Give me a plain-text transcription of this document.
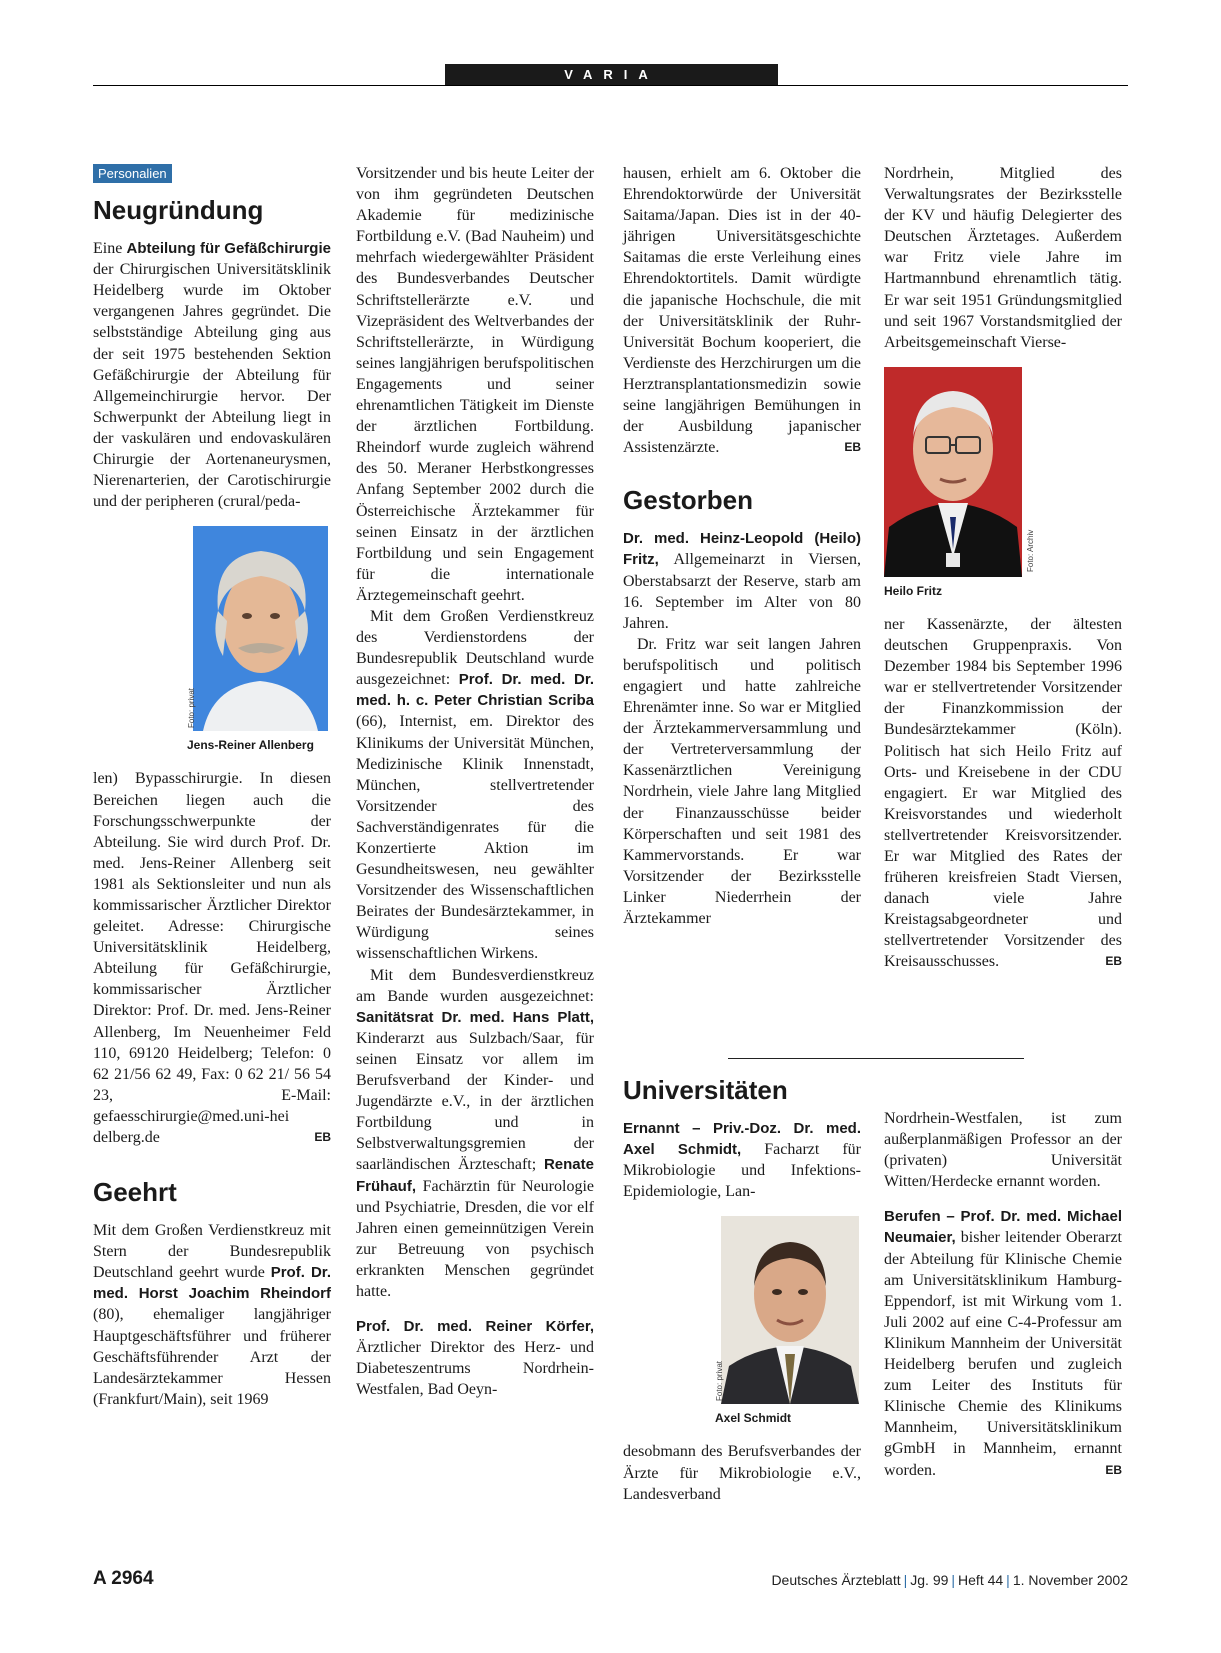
VARIA
Personalien
Neugründung

Eine Abteilung für Gefäßchirurgie der Chirurgischen Universitätsklinik Heidelberg wurde im Oktober vergangenen Jahres gegründet. Die selbstständige Abteilung ging aus der seit 1975 bestehenden Sektion Gefäßchirurgie der Abteilung für Allgemeinchirurgie hervor. Der Schwerpunkt der Abteilung liegt in der vaskulären und endovaskulären Chirurgie der Aortenaneurysmen, Nierenarterien, der Carotischirurgie und der peripheren (crural/peda-

Foto: privat
Jens-Reiner Allenberg

len) Bypasschirurgie. In diesen Bereichen liegen auch die Forschungsschwerpunkte der Abteilung. Sie wird durch Prof. Dr. med. Jens-Reiner Allenberg seit 1981 als Sektionsleiter und nun als kommissarischer Ärztlicher Direktor geleitet. Adresse: Chirurgische Universitätsklinik Heidelberg, Abteilung für Gefäßchirurgie, kommissarischer Ärztlicher Direktor: Prof. Dr. med. Jens-Reiner Allenberg, Im Neuenheimer Feld 110, 69120 Heidelberg; Telefon: 0 62 21/56 62 49, Fax: 0 62 21/ 56 54 23, E-Mail: gefaesschirurgie@med.uni-hei delberg.de	EB

Geehrt

Mit dem Großen Verdienstkreuz mit Stern der Bundesrepublik Deutschland geehrt wurde Prof. Dr. med. Horst Joachim Rheindorf (80), ehemaliger langjähriger Hauptgeschäftsführer und früherer Geschäftsführender Arzt der Landesärztekammer Hessen (Frankfurt/Main), seit 1969

Vorsitzender und bis heute Leiter der von ihm gegründeten Deutschen Akademie für medizinische Fortbildung e.V. (Bad Nauheim) und mehrfach wiedergewählter Präsident des Bundesverbandes Deutscher Schriftstellerärzte e.V. und Vizepräsident des Weltverbandes der Schriftstellerärzte, in Würdigung seines langjährigen berufspolitischen Engagements und seiner ehrenamtlichen Tätigkeit im Dienste der ärztlichen Fortbildung. Rheindorf wurde zugleich während des 50. Meraner Herbstkongresses Anfang September 2002 durch die Österreichische Ärztekammer für seinen Einsatz in der ärztlichen Fortbildung und sein Engagement für die internationale Ärztegemeinschaft geehrt.

Mit dem Großen Verdienstkreuz des Verdienstordens der Bundesrepublik Deutschland wurde ausgezeichnet: Prof. Dr. med. Dr. med. h. c. Peter Christian Scriba (66), Internist, em. Direktor des Klinikums der Universität München, Medizinische Klinik Innenstadt, München, stellvertretender Vorsitzender des Sachverständigenrates für die Konzertierte Aktion im Gesundheitswesen, neu gewählter Vorsitzender des Wissenschaftlichen Beirates der Bundesärztekammer, in Würdigung seines wissenschaftlichen Wirkens.

Mit dem Bundesverdienstkreuz am Bande wurden ausgezeichnet: Sanitätsrat Dr. med. Hans Platt, Kinderarzt aus Sulzbach/Saar, für seinen Einsatz vor allem im Berufsverband der Kinder- und Jugendärzte e.V., in der ärztlichen Fortbildung und in Selbstverwaltungsgremien der saarländischen Ärzteschaft; Renate Frühauf, Fachärztin für Neurologie und Psychiatrie, Dresden, die vor elf Jahren einen gemeinnützigen Verein zur Betreuung von psychisch erkrankten Menschen gegründet hatte.

Prof. Dr. med. Reiner Körfer, Ärztlicher Direktor des Herz- und Diabeteszentrums Nordrhein-Westfalen, Bad Oeyn-

hausen, erhielt am 6. Oktober die Ehrendoktorwürde der Universität Saitama/Japan. Dies ist in der 40-jährigen Universitätsgeschichte Saitamas die erste Verleihung eines Ehrendoktortitels. Damit würdigte die japanische Hochschule, die mit der Universitätsklinik der Ruhr-Universität Bochum kooperiert, die Verdienste des Herzchirurgen um die Herztransplantationsmedizin sowie seine langjährigen Bemühungen in der Ausbildung japanischer Assistenzärzte.	EB

Gestorben

Dr. med. Heinz-Leopold (Heilo) Fritz, Allgemeinarzt in Viersen, Oberstabsarzt der Reserve, starb am 16. September im Alter von 80 Jahren.

Dr. Fritz war seit langen Jahren berufspolitisch und politisch engagiert und hatte zahlreiche Ehrenämter inne. So war er Mitglied der Ärztekammerversammlung und der Vertreterversammlung der Kassenärztlichen Vereinigung Nordrhein, viele Jahre lang Mitglied der Finanzausschüsse beider Körperschaften und seit 1981 des Kammervorstands. Er war Vorsitzender der Bezirksstelle Linker Niederrhein der Ärztekammer

Universitäten

Ernannt – Priv.-Doz. Dr. med. Axel Schmidt, Facharzt für Mikrobiologie und Infektions-Epidemiologie, Lan-

Foto: privat
Axel Schmidt

desobmann des Berufsverbandes der Ärzte für Mikrobiologie e.V., Landesverband

Nordrhein, Mitglied des Verwaltungsrates der Bezirksstelle der KV und häufig Delegierter des Deutschen Ärztetages. Außerdem war Fritz viele Jahre im Hartmannbund ehrenamtlich tätig. Er war seit 1951 Gründungsmitglied und seit 1967 Vorstandsmitglied der Arbeitsgemeinschaft Vierse-

Foto: Archiv
Heilo Fritz

ner Kassenärzte, der ältesten deutschen Gruppenpraxis. Von Dezember 1984 bis September 1996 war er stellvertretender Vorsitzender der Finanzkommission der Bundesärztekammer (Köln). Politisch hat sich Heilo Fritz auf Orts- und Kreisebene in der CDU engagiert. Er war Mitglied des Kreisvorstandes und wiederholt stellvertretender Kreisvorsitzender. Er war Mitglied des Rates der früheren kreisfreien Stadt Viersen, danach viele Jahre Kreistagsabgeordneter und stellvertretender Vorsitzender des Kreisausschusses.	EB

Nordrhein-Westfalen, ist zum außerplanmäßigen Professor an der (privaten) Universität Witten/Herdecke ernannt worden.

Berufen – Prof. Dr. med. Michael Neumaier, bisher leitender Oberarzt der Abteilung für Klinische Chemie am Universitätsklinikum Hamburg-Eppendorf, ist mit Wirkung vom 1. Juli 2002 auf eine C-4-Professur am Klinikum Mannheim der Universität Heidelberg berufen und zugleich zum Leiter des Instituts für Klinische Chemie des Klinikums Mannheim, Universitätsklinikum gGmbH in Mannheim, ernannt worden.	EB

A 2964	Deutsches Ärzteblatt | Jg. 99 | Heft 44 | 1. November 2002
